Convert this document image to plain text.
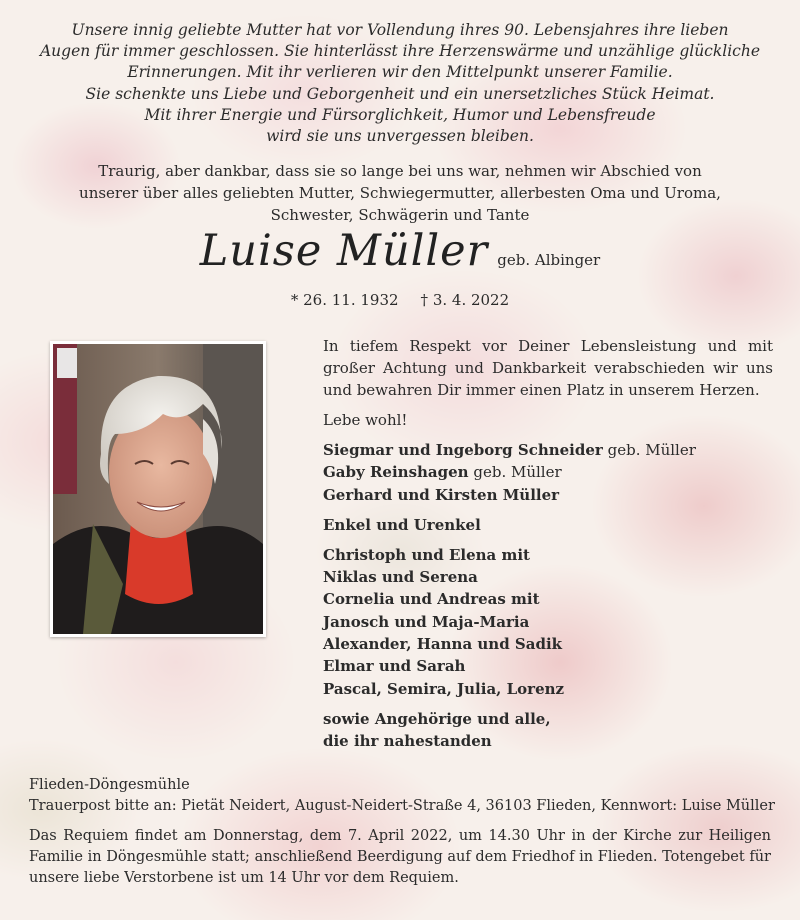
Unsere innig geliebte Mutter hat vor Vollendung ihres 90. Lebensjahres ihre lieben
Augen für immer geschlossen. Sie hinterlässt ihre Herzenswärme und unzählige glückliche
Erinnerungen. Mit ihr verlieren wir den Mittelpunkt unserer Familie.
Sie schenkte uns Liebe und Geborgenheit und ein unersetzliches Stück Heimat.
Mit ihrer Energie und Fürsorglichkeit, Humor und Lebensfreude
wird sie uns unvergessen bleiben.
Traurig, aber dankbar, dass sie so lange bei uns war, nehmen wir Abschied von
unserer über alles geliebten Mutter, Schwiegermutter, allerbesten Oma und Uroma,
Schwester, Schwägerin und Tante
Luise Müller geb. Albinger
* 26. 11. 1932 † 3. 4. 2022

In tiefem Respekt vor Deiner Lebensleistung und mit großer Achtung und Dankbarkeit verabschieden wir uns und bewahren Dir immer einen Platz in unserem Herzen.

Lebe wohl!
Siegmar und Ingeborg Schneider geb. Müller
Gaby Reinshagen geb. Müller
Gerhard und Kirsten Müller
Enkel und Urenkel
Christoph und Elena mit
Niklas und Serena
Cornelia und Andreas mit
Janosch und Maja-Maria
Alexander, Hanna und Sadik
Elmar und Sarah
Pascal, Semira, Julia, Lorenz
sowie Angehörige und alle,
die ihr nahestanden
Flieden-Döngesmühle
Trauerpost bitte an: Pietät Neidert, August-Neidert-Straße 4, 36103 Flieden, Kennwort: Luise Müller

Das Requiem findet am Donnerstag, dem 7. April 2022, um 14.30 Uhr in der Kirche zur Heiligen Familie in Döngesmühle statt; anschließend Beerdigung auf dem Friedhof in Flieden. Totengebet für unsere liebe Verstorbene ist um 14 Uhr vor dem Requiem.
